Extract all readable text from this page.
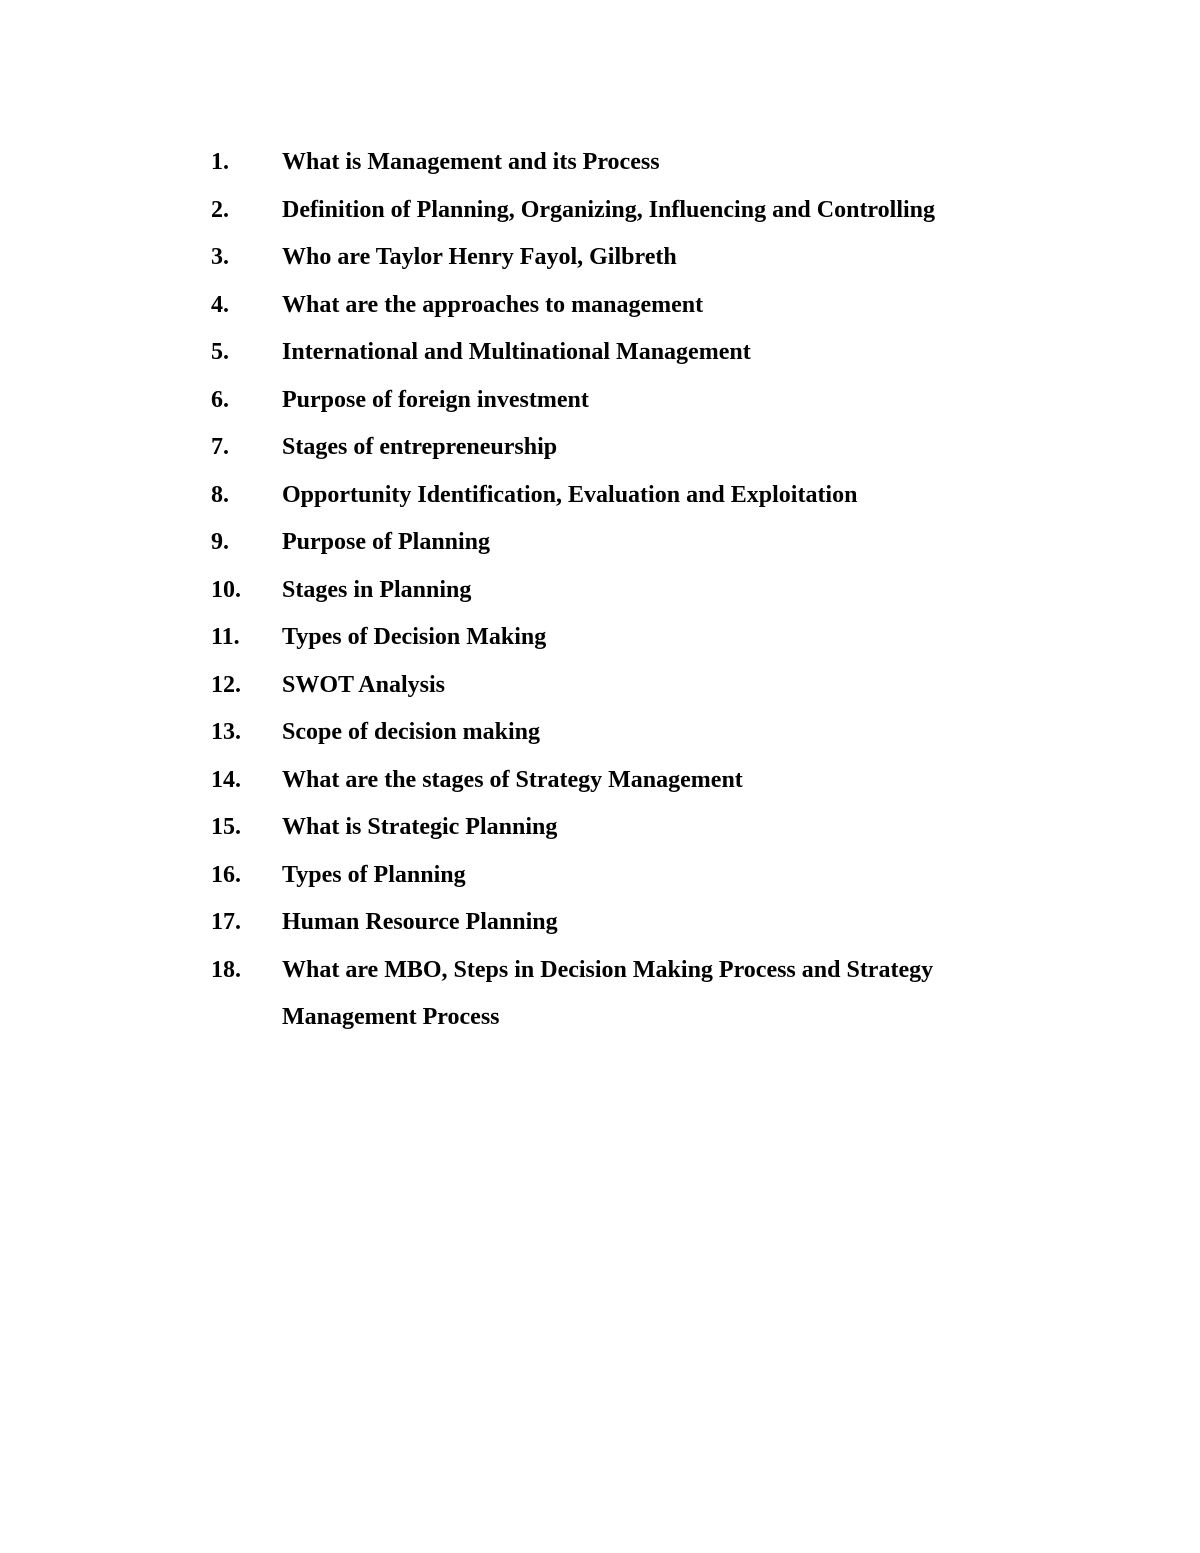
1.	What is Management and its Process
2.	Definition of Planning, Organizing, Influencing and Controlling
3.	Who are Taylor Henry Fayol, Gilbreth
4.	What are the approaches to management
5.	International and Multinational Management
6.	Purpose of foreign investment
7.	Stages of entrepreneurship
8.	Opportunity Identification, Evaluation and Exploitation
9.	Purpose of Planning
10.	Stages in Planning
11.	Types of Decision Making
12.	SWOT Analysis
13.	Scope of decision making
14.	What are the stages of Strategy Management
15.	What is Strategic Planning
16.	Types of Planning
17.	Human Resource Planning
18.	What are MBO, Steps in Decision Making Process and Strategy Management Process
